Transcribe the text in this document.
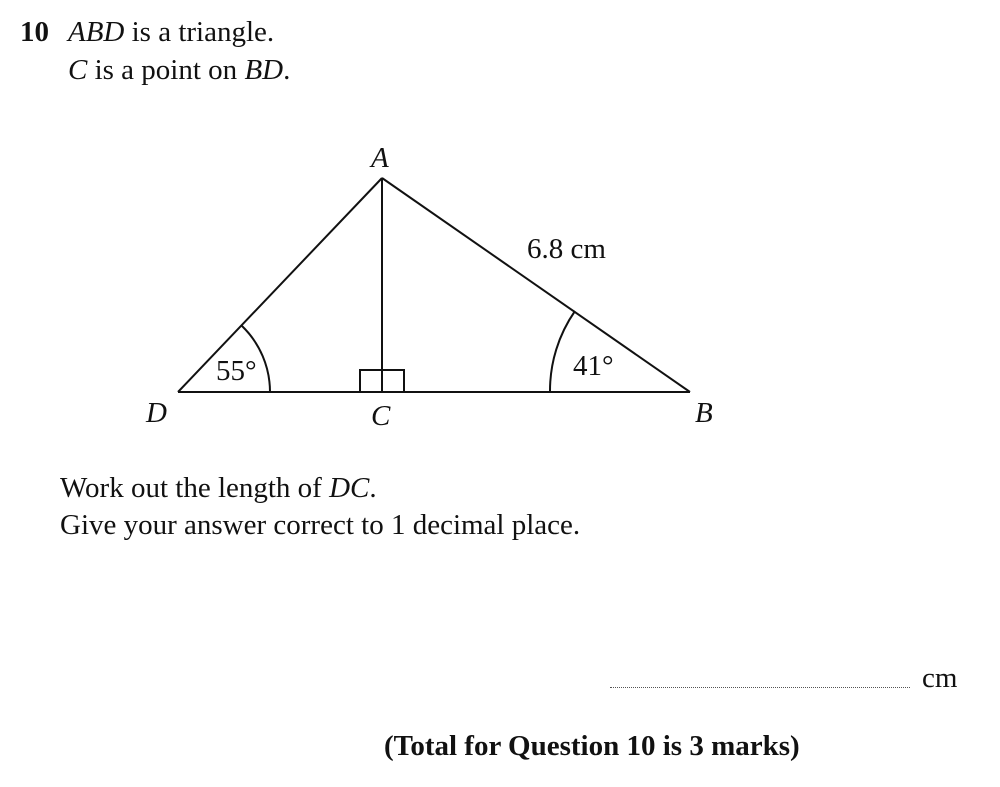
10 ABD is a triangle.
C is a point on BD.
A
D	C	B
6.8 cm
55°	41°
Work out the length of DC.
Give your answer correct to 1 decimal place.
cm
(Total for Question 10 is 3 marks)
